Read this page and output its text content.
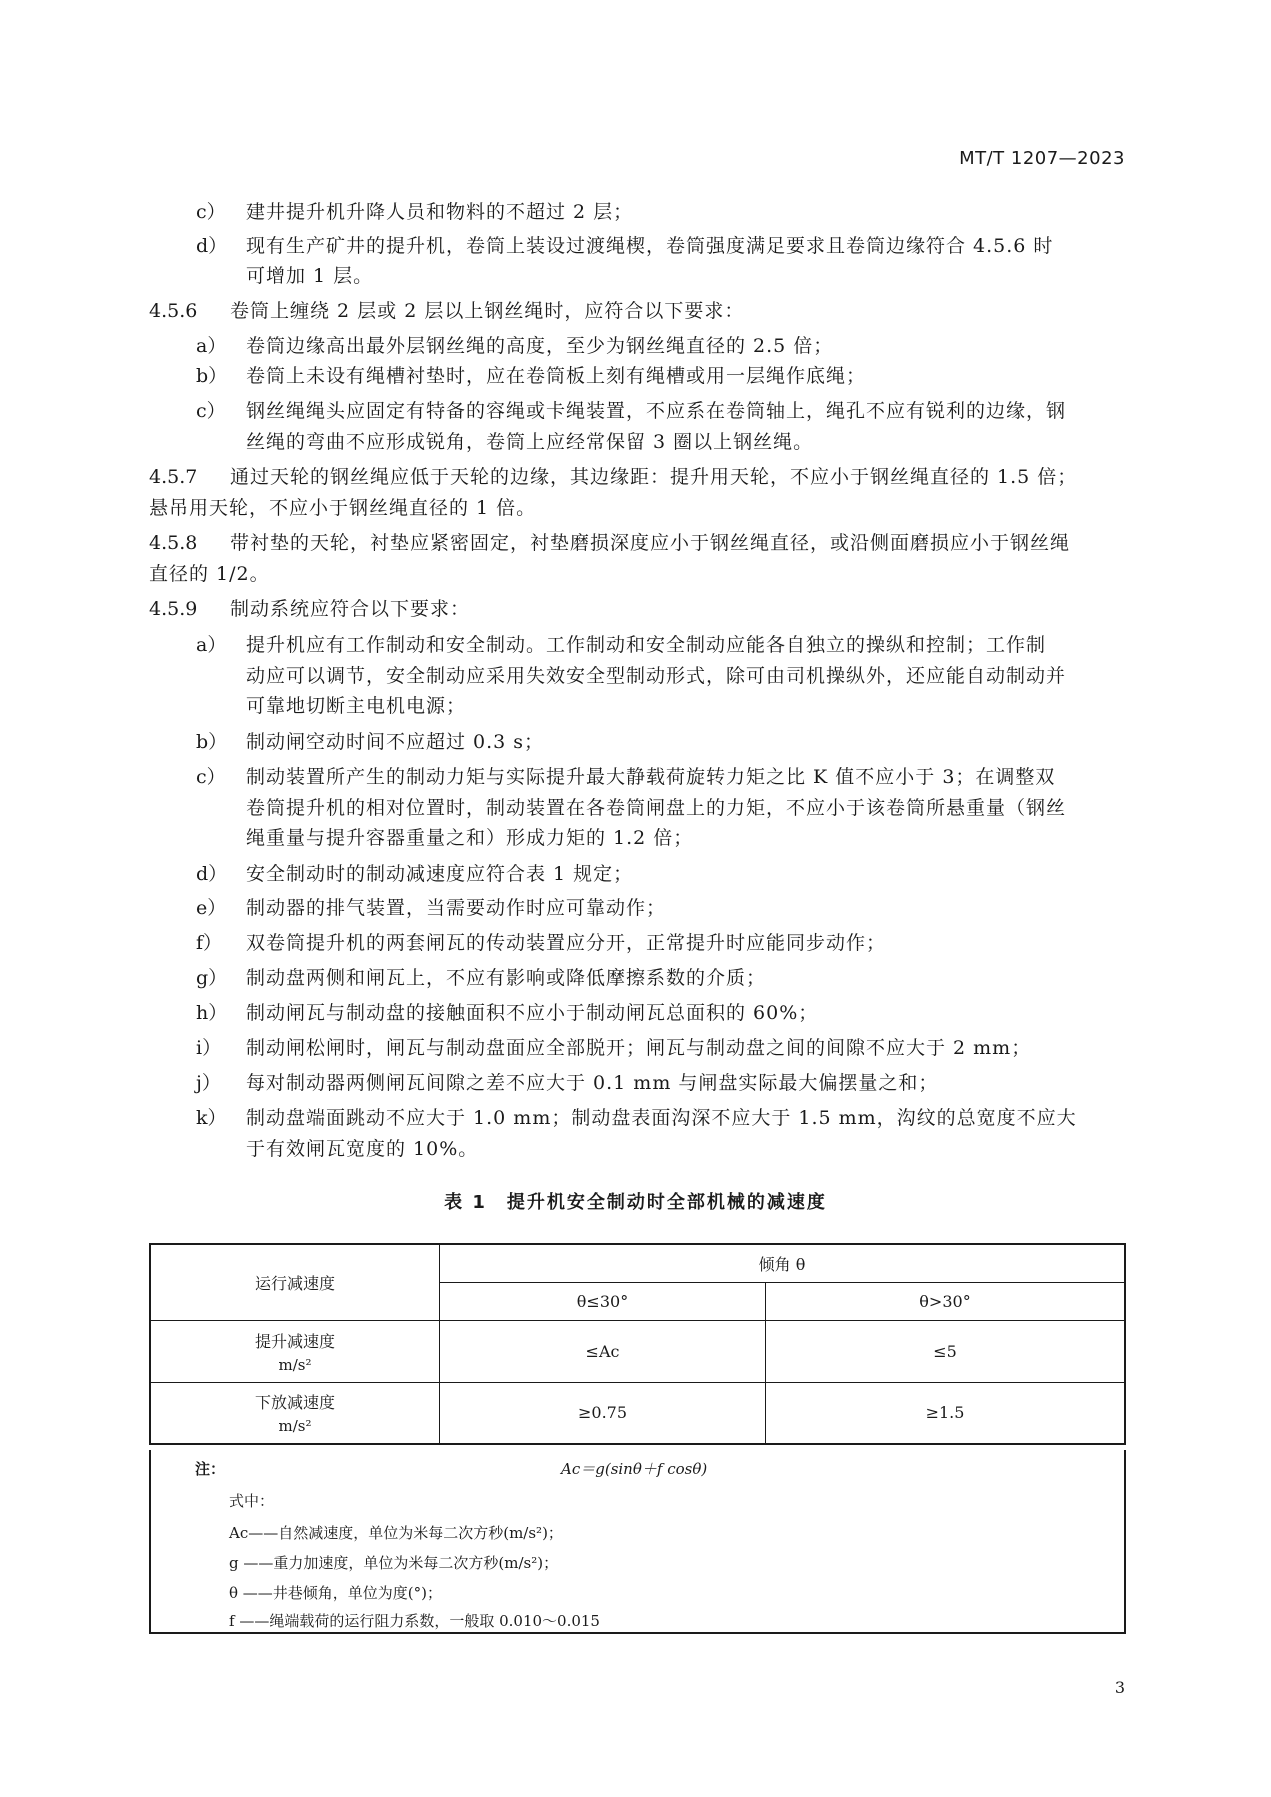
MT/T 1207—2023
c） 建井提升机升降人员和物料的不超过 2 层；
d） 现有生产矿井的提升机，卷筒上装设过渡绳楔，卷筒强度满足要求且卷筒边缘符合 4.5.6 时
可增加 1 层。
4.5.6 卷筒上缠绕 2 层或 2 层以上钢丝绳时，应符合以下要求：
a） 卷筒边缘高出最外层钢丝绳的高度，至少为钢丝绳直径的 2.5 倍；
b） 卷筒上未设有绳槽衬垫时，应在卷筒板上刻有绳槽或用一层绳作底绳；
c） 钢丝绳绳头应固定有特备的容绳或卡绳装置，不应系在卷筒轴上，绳孔不应有锐利的边缘，钢
丝绳的弯曲不应形成锐角，卷筒上应经常保留 3 圈以上钢丝绳。
4.5.7 通过天轮的钢丝绳应低于天轮的边缘，其边缘距：提升用天轮，不应小于钢丝绳直径的 1.5 倍；
悬吊用天轮，不应小于钢丝绳直径的 1 倍。
4.5.8 带衬垫的天轮，衬垫应紧密固定，衬垫磨损深度应小于钢丝绳直径，或沿侧面磨损应小于钢丝绳
直径的 1/2。
4.5.9 制动系统应符合以下要求：
a） 提升机应有工作制动和安全制动。工作制动和安全制动应能各自独立的操纵和控制；工作制
动应可以调节，安全制动应采用失效安全型制动形式，除可由司机操纵外，还应能自动制动并
可靠地切断主电机电源；
b） 制动闸空动时间不应超过 0.3 s；
c） 制动装置所产生的制动力矩与实际提升最大静载荷旋转力矩之比 K 值不应小于 3；在调整双
卷筒提升机的相对位置时，制动装置在各卷筒闸盘上的力矩，不应小于该卷筒所悬重量（钢丝
绳重量与提升容器重量之和）形成力矩的 1.2 倍；
d） 安全制动时的制动减速度应符合表 1 规定；
e） 制动器的排气装置，当需要动作时应可靠动作；
f） 双卷筒提升机的两套闸瓦的传动装置应分开，正常提升时应能同步动作；
g） 制动盘两侧和闸瓦上，不应有影响或降低摩擦系数的介质；
h） 制动闸瓦与制动盘的接触面积不应小于制动闸瓦总面积的 60%；
i） 制动闸松闸时，闸瓦与制动盘面应全部脱开；闸瓦与制动盘之间的间隙不应大于 2 mm；
j） 每对制动器两侧闸瓦间隙之差不应大于 0.1 mm 与闸盘实际最大偏摆量之和；
k） 制动盘端面跳动不应大于 1.0 mm；制动盘表面沟深不应大于 1.5 mm，沟纹的总宽度不应大
于有效闸瓦宽度的 10%。
表 1　提升机安全制动时全部机械的减速度
运行减速度	倾角 θ	
	θ≤30°	θ>30°
提升减速度
m/s²	≤Ac	≤5
下放减速度
m/s²	≥0.75	≥1.5
注：	Ac＝g(sinθ＋f cosθ)
式中：
Ac——自然减速度，单位为米每二次方秒(m/s²)；
g ——重力加速度，单位为米每二次方秒(m/s²)；
θ ——井巷倾角，单位为度(°)；
f ——绳端载荷的运行阻力系数，一般取 0.010～0.015
3
